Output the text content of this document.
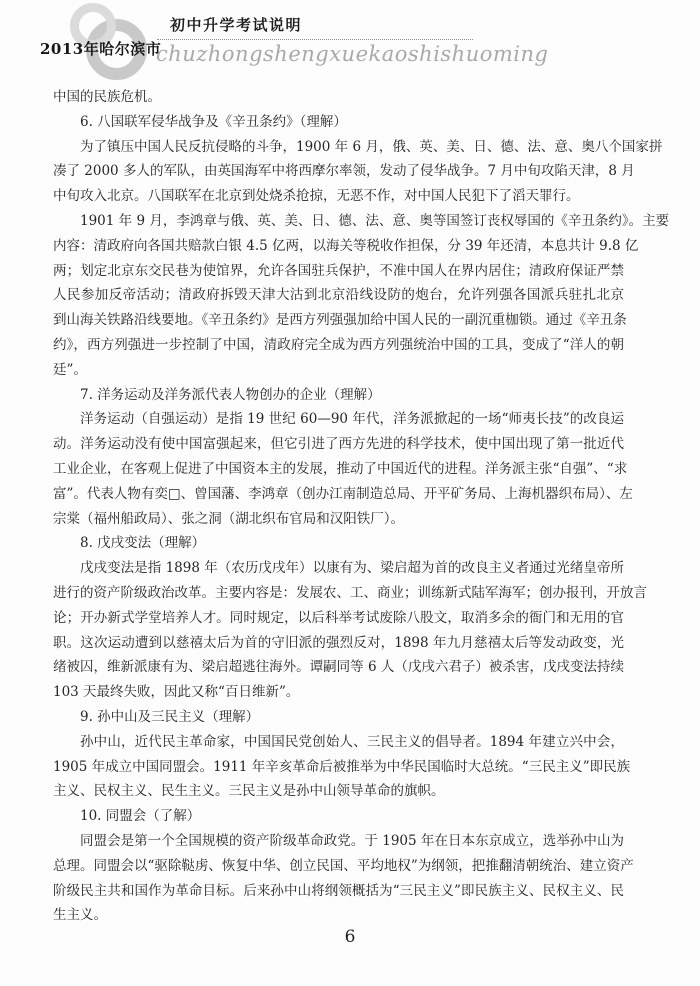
2013年哈尔滨市
初中升学考试说明
chuzhongshengxuekaoshishuoming
中国的民族危机。
6. 八国联军侵华战争及《辛丑条约》（理解）
为了镇压中国人民反抗侵略的斗争，1900 年 6 月，俄、英、美、日、德、法、意、奥八个国家拼
凑了 2000 多人的军队，由英国海军中将西摩尔率领，发动了侵华战争。7 月中旬攻陷天津，8 月
中旬攻入北京。八国联军在北京到处烧杀抢掠，无恶不作，对中国人民犯下了滔天罪行。
1901 年 9 月，李鸿章与俄、英、美、日、德、法、意、奥等国签订丧权辱国的《辛丑条约》。主要
内容：清政府向各国共赔款白银 4.5 亿两，以海关等税收作担保，分 39 年还清，本息共计 9.8 亿
两；划定北京东交民巷为使馆界，允许各国驻兵保护，不准中国人在界内居住；清政府保证严禁
人民参加反帝活动；清政府拆毁天津大沽到北京沿线设防的炮台，允许列强各国派兵驻扎北京
到山海关铁路沿线要地。《辛丑条约》是西方列强强加给中国人民的一副沉重枷锁。通过《辛丑条
约》，西方列强进一步控制了中国，清政府完全成为西方列强统治中国的工具，变成了“洋人的朝
廷”。
7. 洋务运动及洋务派代表人物创办的企业（理解）
洋务运动（自强运动）是指 19 世纪 60—90 年代，洋务派掀起的一场“师夷长技”的改良运
动。洋务运动没有使中国富强起来，但它引进了西方先进的科学技术，使中国出现了第一批近代
工业企业，在客观上促进了中国资本主的发展，推动了中国近代的进程。洋务派主张“自强”、“求
富”。代表人物有奕□、曾国藩、李鸿章（创办江南制造总局、开平矿务局、上海机器织布局）、左
宗棠（福州船政局）、张之洞（湖北织布官局和汉阳铁厂）。
8. 戊戌变法（理解）
戊戌变法是指 1898 年（农历戊戌年）以康有为、梁启超为首的改良主义者通过光绪皇帝所
进行的资产阶级政治改革。主要内容是：发展农、工、商业；训练新式陆军海军；创办报刊，开放言
论；开办新式学堂培养人才。同时规定，以后科举考试废除八股文，取消多余的衙门和无用的官
职。这次运动遭到以慈禧太后为首的守旧派的强烈反对，1898 年九月慈禧太后等发动政变，光
绪被囚，维新派康有为、梁启超逃往海外。谭嗣同等 6 人（戊戌六君子）被杀害，戊戌变法持续
103 天最终失败，因此又称“百日维新”。
9. 孙中山及三民主义（理解）
孙中山，近代民主革命家，中国国民党创始人、三民主义的倡导者。1894 年建立兴中会，
1905 年成立中国同盟会。1911 年辛亥革命后被推举为中华民国临时大总统。“三民主义”即民族
主义、民权主义、民生主义。三民主义是孙中山领导革命的旗帜。
10. 同盟会（了解）
同盟会是第一个全国规模的资产阶级革命政党。于 1905 年在日本东京成立，选举孙中山为
总理。同盟会以“驱除鞑虏、恢复中华、创立民国、平均地权”为纲领，把推翻清朝统治、建立资产
阶级民主共和国作为革命目标。后来孙中山将纲领概括为“三民主义”即民族主义、民权主义、民
生主义。
6
